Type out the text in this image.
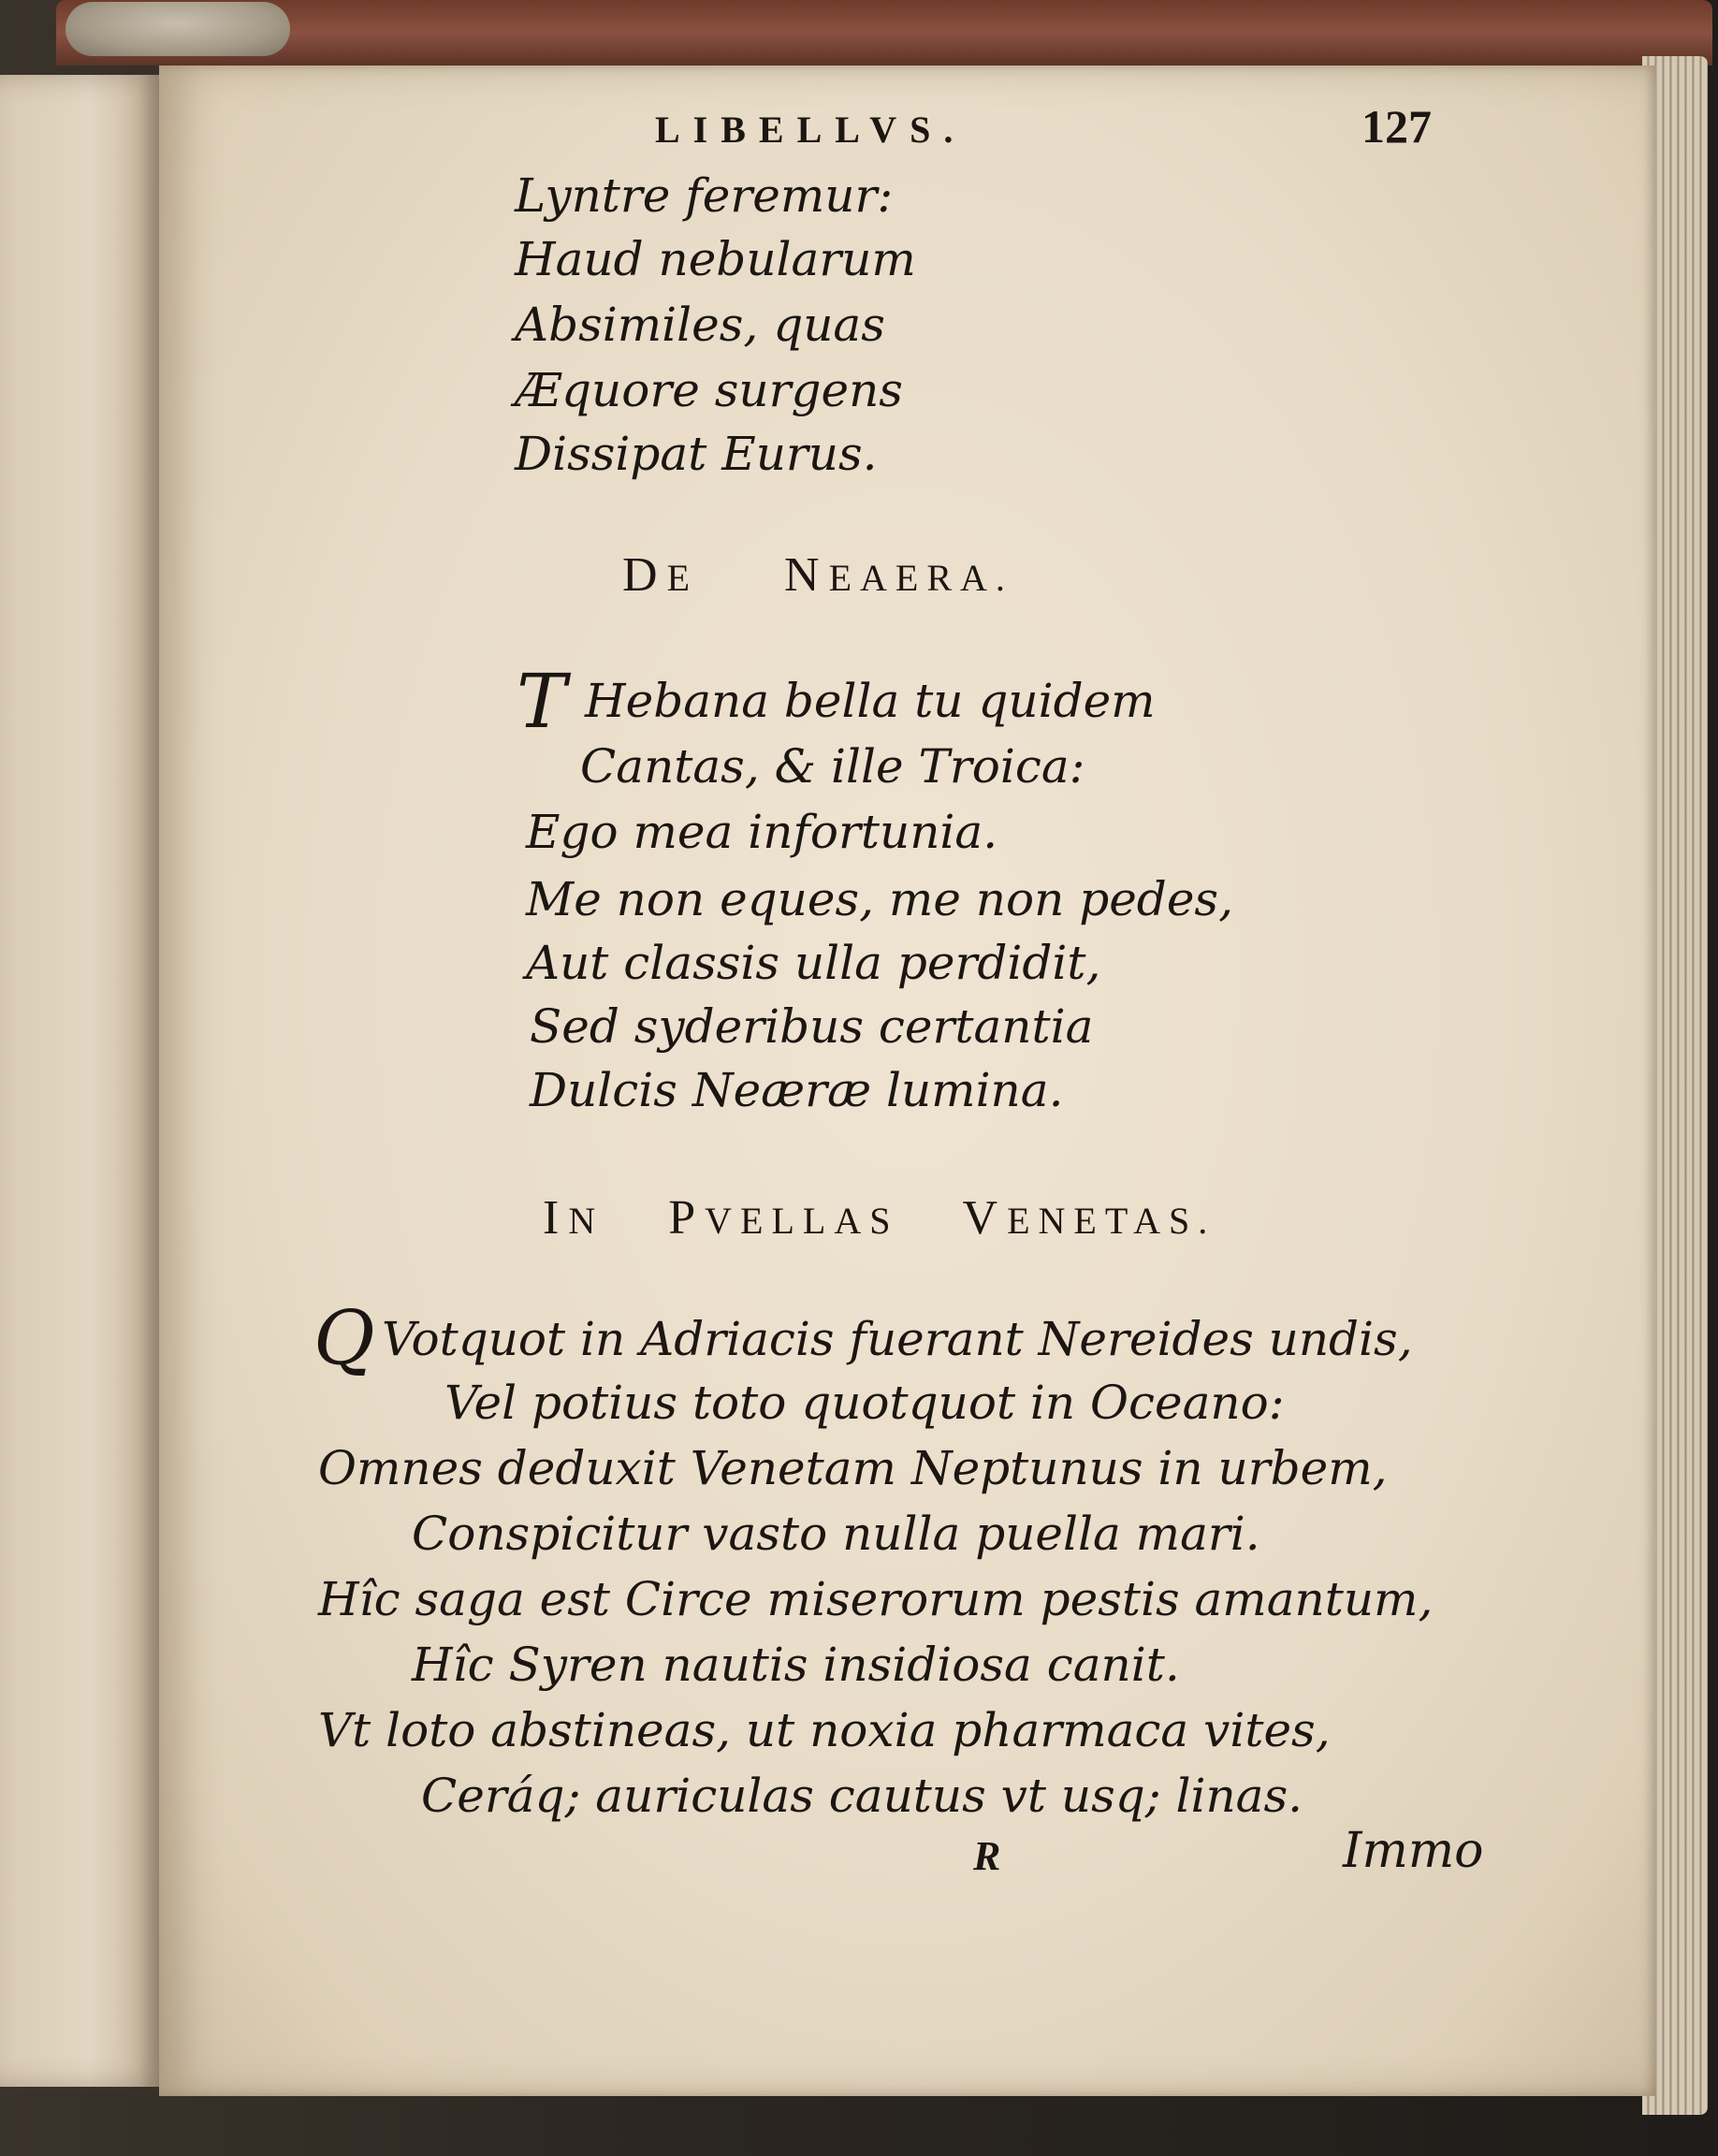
LIBELLVS.	127
Lyntre feremur:
Haud nebularum
Absimiles, quas
Æquore surgens
Dissipat Eurus.
DE NEAERA.
T Hebana bella tu quidem
Cantas, & ille Troica:
Ego mea infortunia.
Me non eques, me non pedes,
Aut classis ulla perdidit,
Sed syderibus certantia
Dulcis Neæræ lumina.
IN PVELLAS VENETAS.
Q Votquot in Adriacis fuerant Nereides undis,
Vel potius toto quotquot in Oceano:
Omnes deduxit Venetam Neptunus in urbem,
Conspicitur vasto nulla puella mari.
Hîc saga est Circe miserorum pestis amantum,
Hîc Syren nautis insidiosa canit.
Vt loto abstineas, ut noxia pharmaca vites,
Ceráq; auriculas cautus vt usq; linas.
R	Immo
